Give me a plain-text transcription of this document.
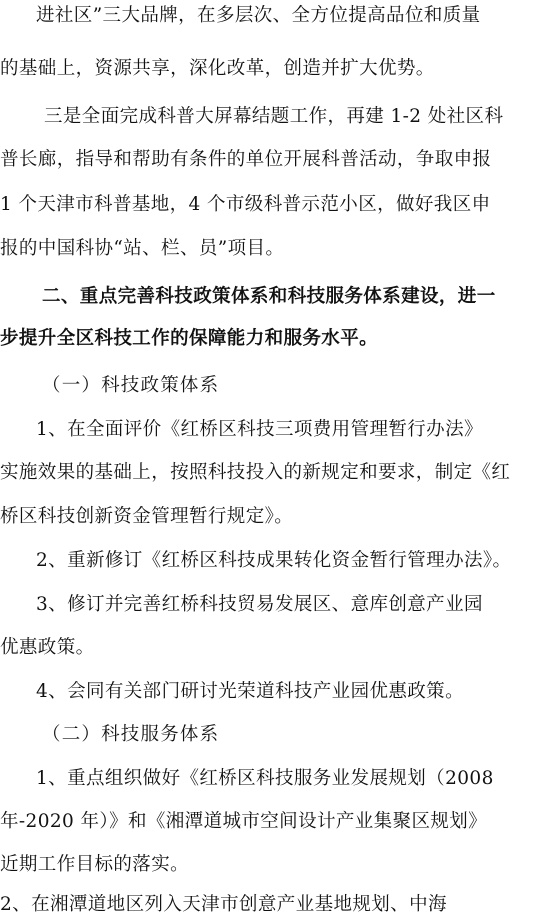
进社区”三大品牌，在多层次、全方位提高品位和质量
的基础上，资源共享，深化改革，创造并扩大优势。
三是全面完成科普大屏幕结题工作，再建 1-2 处社区科
普长廊，指导和帮助有条件的单位开展科普活动，争取申报
1 个天津市科普基地，4 个市级科普示范小区，做好我区申
报的中国科协“站、栏、员”项目。
二、重点完善科技政策体系和科技服务体系建设，进一
步提升全区科技工作的保障能力和服务水平。
（一）科技政策体系
1、在全面评价《红桥区科技三项费用管理暂行办法》
实施效果的基础上，按照科技投入的新规定和要求，制定《红
桥区科技创新资金管理暂行规定》。
2、重新修订《红桥区科技成果转化资金暂行管理办法》。
3、修订并完善红桥科技贸易发展区、意库创意产业园
优惠政策。
4、会同有关部门研讨光荣道科技产业园优惠政策。
（二）科技服务体系
1、重点组织做好《红桥区科技服务业发展规划（2008
年-2020 年）》和《湘潭道城市空间设计产业集聚区规划》
近期工作目标的落实。
2、在湘潭道地区列入天津市创意产业基地规划、中海
